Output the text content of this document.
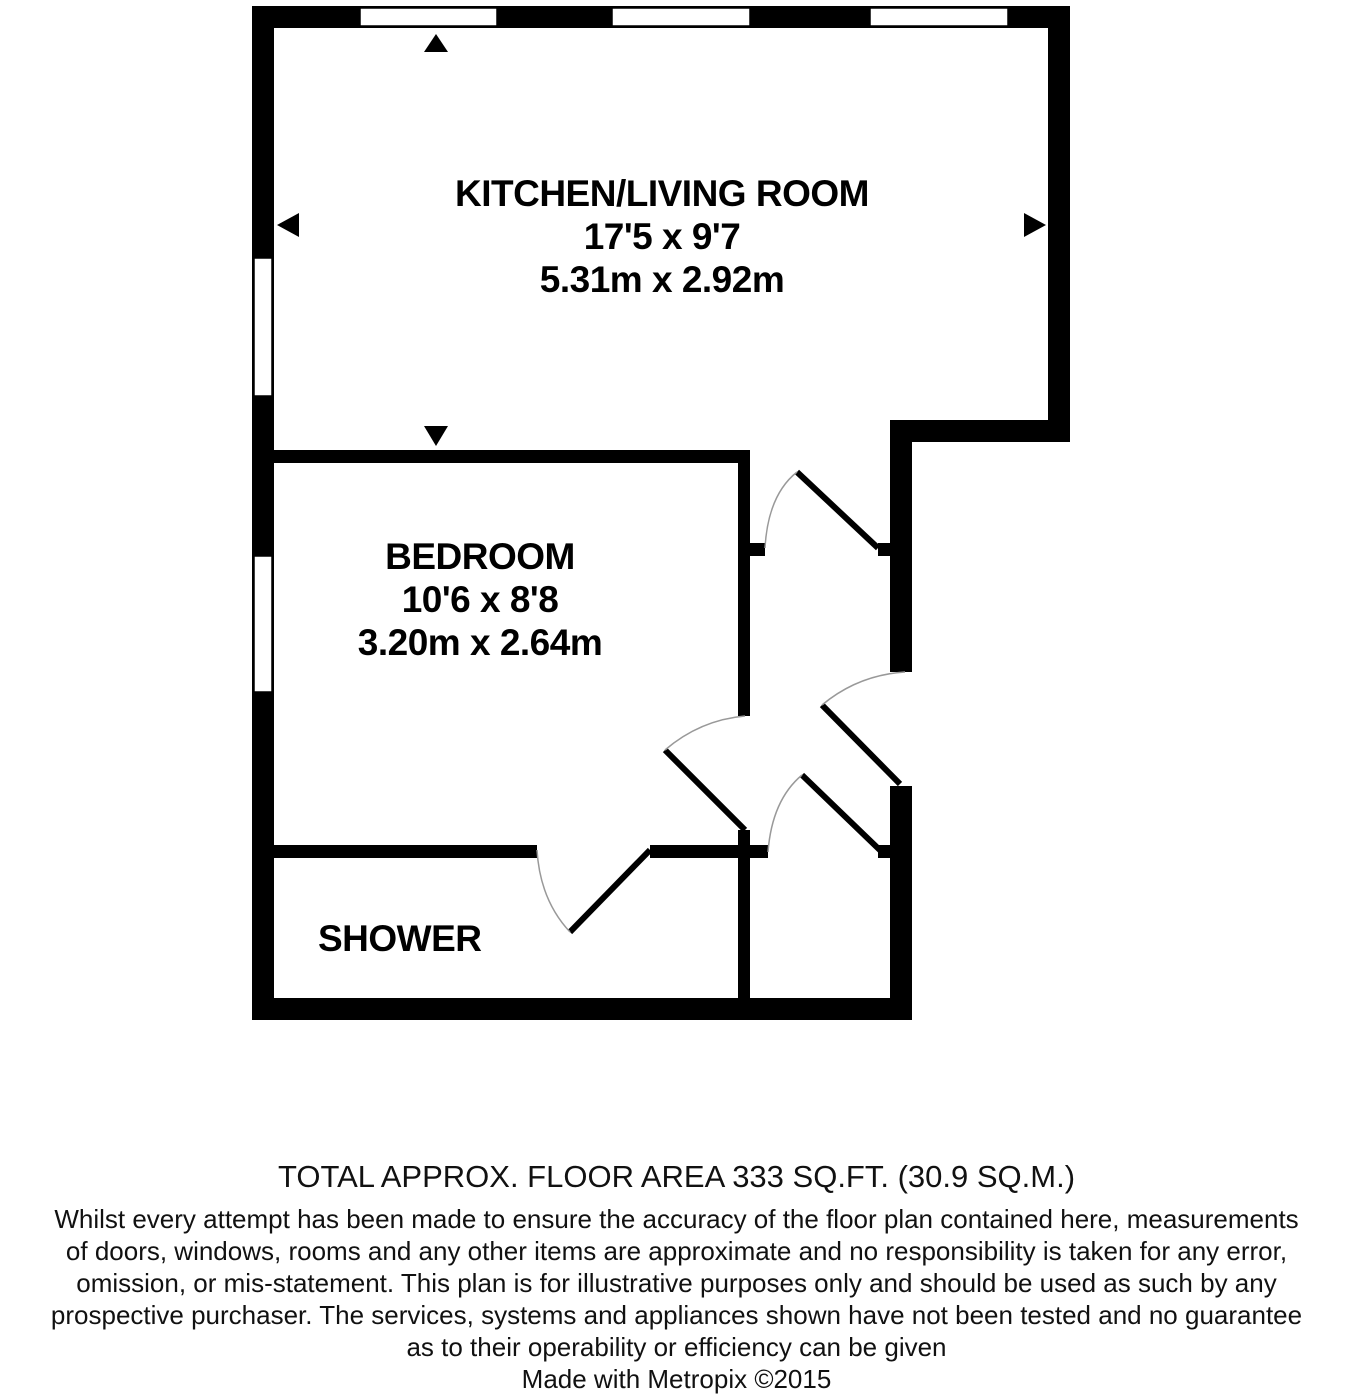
KITCHEN/LIVING ROOM
17'5 x 9'7
5.31m x 2.92m
BEDROOM
10'6 x 8'8
3.20m x 2.64m
SHOWER
TOTAL APPROX. FLOOR AREA 333 SQ.FT. (30.9 SQ.M.)
Whilst every attempt has been made to ensure the accuracy of the floor plan contained here, measurements
of doors, windows, rooms and any other items are approximate and no responsibility is taken for any error,
omission, or mis-statement. This plan is for illustrative purposes only and should be used as such by any
prospective purchaser. The services, systems and appliances shown have not been tested and no guarantee
as to their operability or efficiency can be given
Made with Metropix ©2015
